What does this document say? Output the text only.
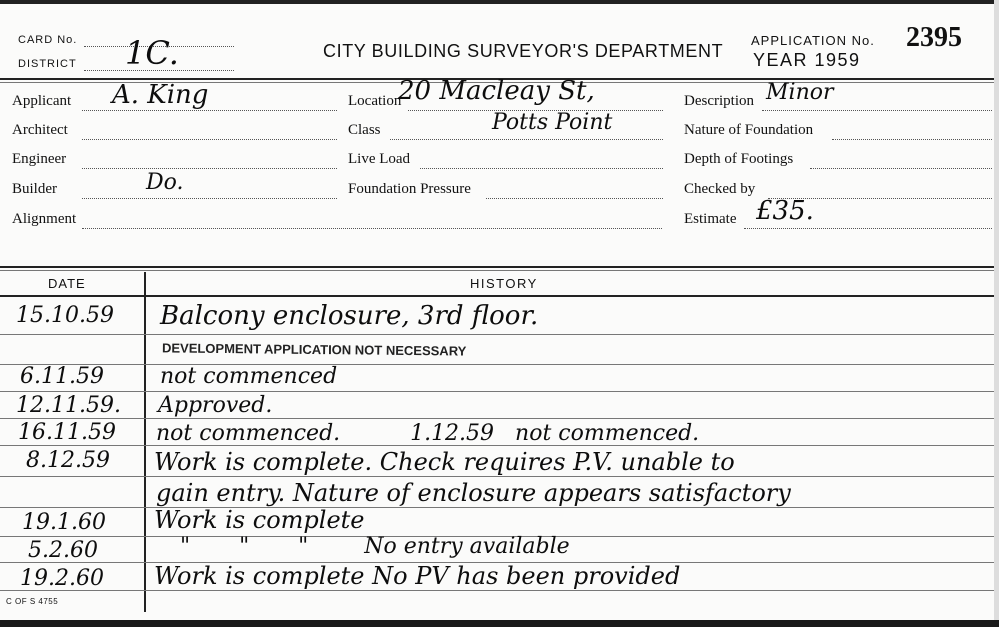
CARD No.
DISTRICT 1C.	CITY BUILDING SURVEYOR'S DEPARTMENT
APPLICATION No. 2395
YEAR 1959
Applicant A. King
Architect
Engineer
Builder	Do.
Alignment
Location
20 Macleay St,
Class	Potts Point
Live Load
Foundation Pressure
Description Minor
Nature of Foundation
Depth of Footings
Checked by
Estimate £35.
DATE	HISTORY
15.10.59 Balcony enclosure, 3rd floor.
DEVELOPMENT APPLICATION NOT NECESSARY
6.11.59	not commenced
12.11.59. Approved.
16.11.59 not commenced.          1.12.59   not commenced.
8.12.59 Work is complete. Check requires P.V. unable to
gain entry. Nature of enclosure appears satisfactory
19.1.60 Work is complete
5.2.60	"       "       "        No entry available
19.2.60 Work is complete No PV has been provided
C OF S 4755
